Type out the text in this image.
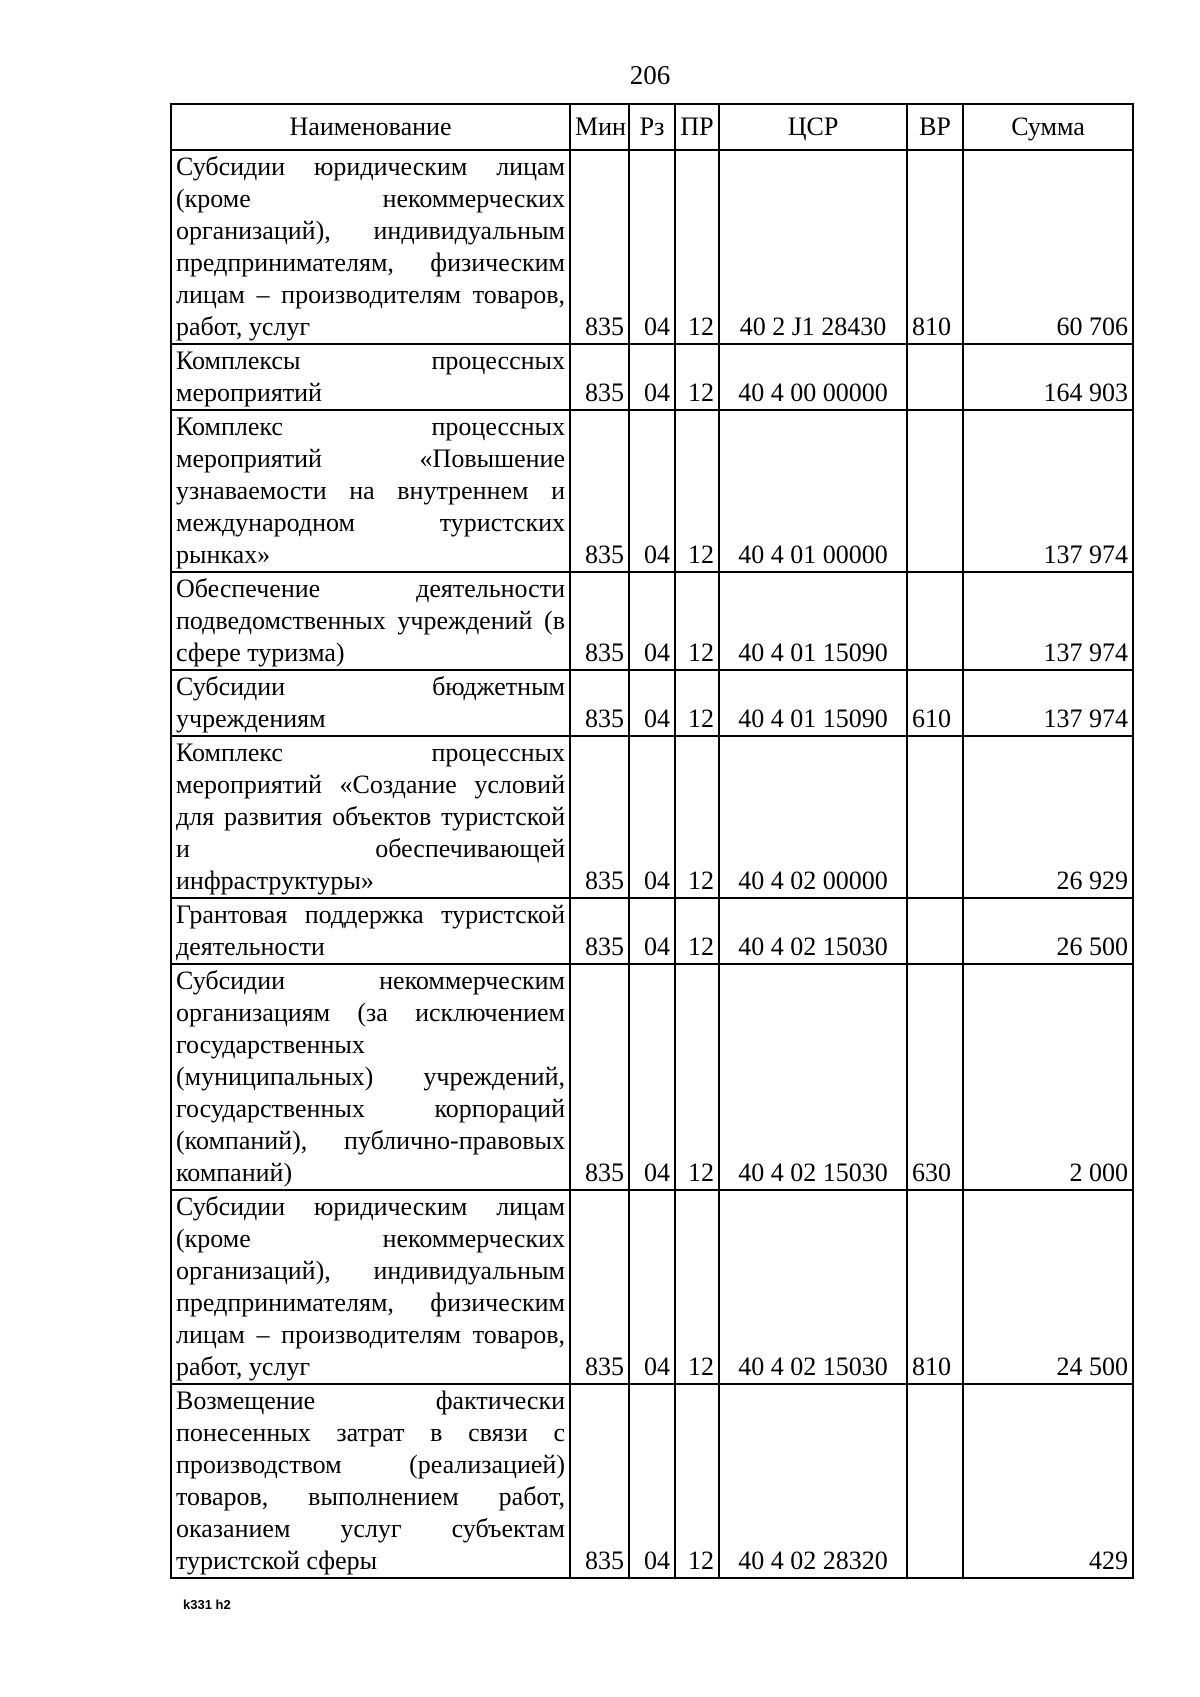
206
Наименование	Мин	Рз	ПР	ЦСР	ВР	Сумма
Субсидии юридическим лицам (кроме некоммерческих организаций), индивидуальным предпринимателям, физическим лицам – производителям товаров, работ, услуг	835	04	12	40 2 J1 28430	810	60 706
Комплексы процессных мероприятий	835	04	12	40 4 00 00000		164 903
Комплекс процессных мероприятий «Повышение узнаваемости на внутреннем и международном туристских рынках»	835	04	12	40 4 01 00000		137 974
Обеспечение деятельности подведомственных учреждений (в сфере туризма)	835	04	12	40 4 01 15090		137 974
Субсидии бюджетным учреждениям	835	04	12	40 4 01 15090	610	137 974
Комплекс процессных мероприятий «Создание условий для развития объектов туристской и обеспечивающей инфраструктуры»	835	04	12	40 4 02 00000		26 929
Грантовая поддержка туристской деятельности	835	04	12	40 4 02 15030		26 500
Субсидии некоммерческим организациям (за исключением государственных (муниципальных) учреждений, государственных корпораций (компаний), публично-правовых компаний)	835	04	12	40 4 02 15030	630	2 000
Субсидии юридическим лицам (кроме некоммерческих организаций), индивидуальным предпринимателям, физическим лицам – производителям товаров, работ, услуг	835	04	12	40 4 02 15030	810	24 500
Возмещение фактически понесенных затрат в связи с производством (реализацией) товаров, выполнением работ, оказанием услуг субъектам туристской сферы	835	04	12	40 4 02 28320		429
k331 h2
